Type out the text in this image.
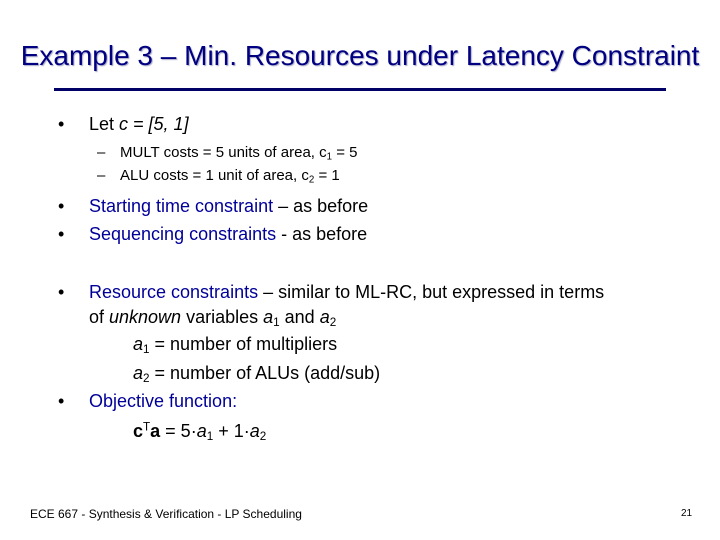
Example 3 – Min. Resources under Latency Constraint
• Let c = [5, 1]
– MULT costs = 5 units of area, $c_1 = 5$
– ALU costs = 1 unit of area, $c_2 = 1$
• Starting time constraint – as before
• Sequencing constraints - as before
• Resource constraints – similar to ML-RC, but expressed in terms
of unknown variables $a_1$ and $a_2$
$a_1$ = number of multipliers
$a_2$ = number of ALUs (add/sub)
• Objective function:
$c^Ta = 5\cdot a_1 + 1\cdot a_2$
ECE 667 - Synthesis & Verification - LP Scheduling	21
